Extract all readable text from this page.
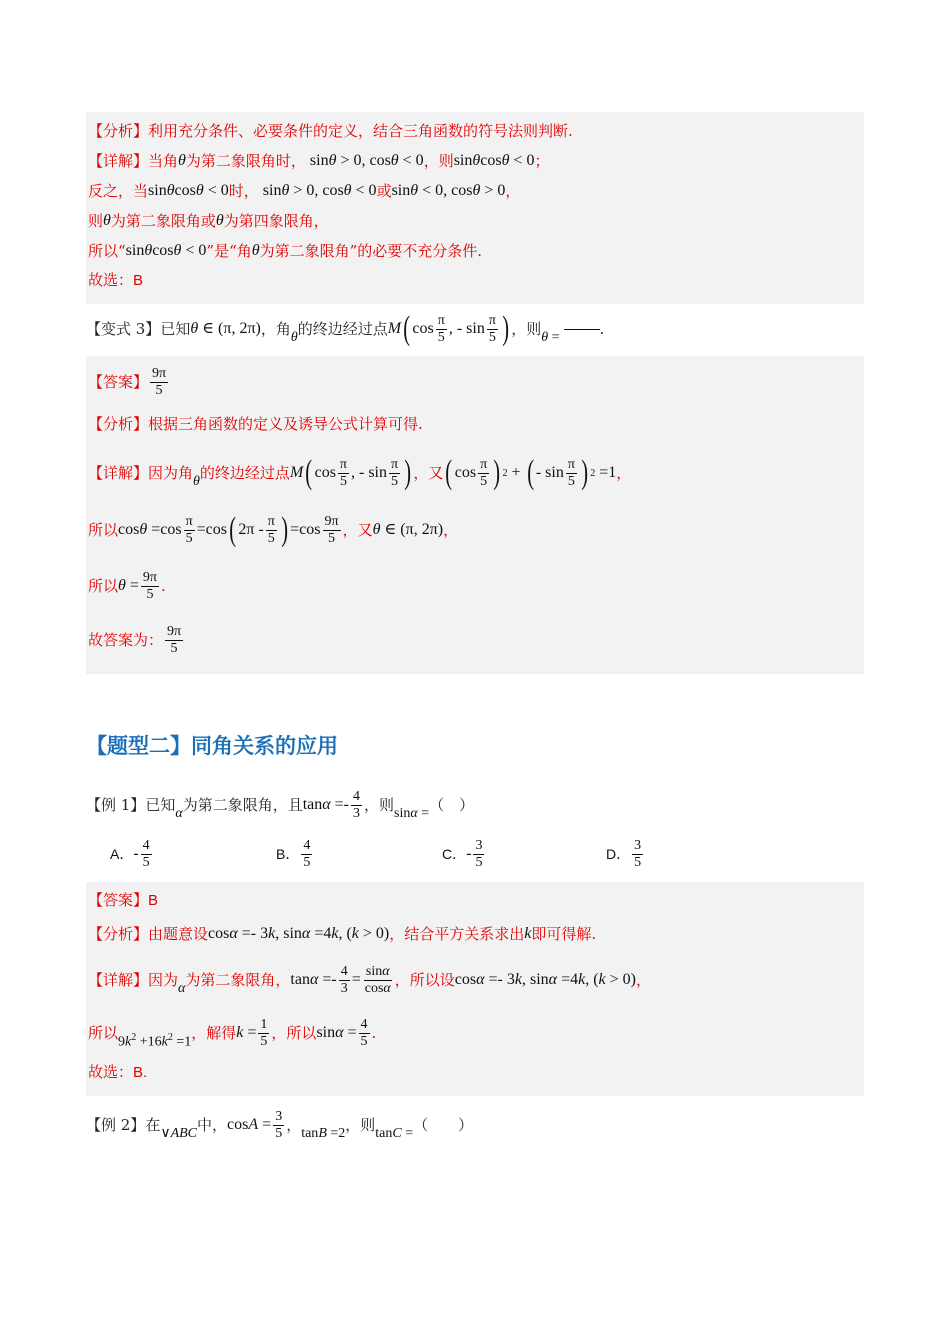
【分析】 利用充分条件、必要条件的定义，结合三角函数的符号法则判断.
【详解】 当角 θ 为第二象限角时， sinθ > 0, cosθ < 0 ，则 sinθcosθ < 0 ；
反之，当 sinθcosθ < 0 时， sinθ > 0, cosθ < 0 或 sinθ < 0, cosθ > 0 ，
则 θ 为第二象限角或 θ 为第四象限角，
所以“ sinθcosθ < 0 ”是“角 θ 为第二象限角”的必要不充分条件.
故选：B
【变式 3】 已知 θ ∈ (π, 2π) ，角 θ 的终边经过点 M ( $\cos \frac{\pi}{5}$ , - $\sin \frac{\pi}{5}$ ) ，则 θ =	.
【答案】 $\frac{9\pi}{5}$
【分析】 根据三角函数的定义及诱导公式计算可得.
【详解】 因为角 θ 的终边经过点 M ( $\cos \frac{\pi}{5}$ , - $\sin \frac{\pi}{5}$ ) ，又 ( $\cos \frac{\pi}{5}$ ) 2 + ( - $\sin \frac{\pi}{5}$ ) 2 =1 ，
所以 $\cos\theta =\cos \frac{\pi}{5} =\cos$ ( $2\pi - \frac{\pi}{5}$ ) $=\cos \frac{9\pi}{5}$ ，又 θ ∈ (π, 2π) ，
所以 $\theta = \frac{9\pi}{5}$ .
故答案为： $\frac{9\pi}{5}$
【题型二】同角关系的应用
【例 1】 已知 α 为第二象限角，且 $\tan\alpha =- \frac{4}{3}$ ，则 sinα = （　）
A． - $\frac{4}{5}$	B． $\frac{4}{5}$	C． - $\frac{3}{5}$	D． $\frac{3}{5}$
【答案】B
【分析】 由题意设 cosα =- 3k, sinα =4k, (k > 0) ，结合平方关系求出 k 即可得解.
【详解】 因为 α 为第二象限角， $\tan\alpha =- \frac{4}{3} = \frac{\sin\alpha}{\cos\alpha}$ ，所以设 cosα =- 3k, sinα =4k, (k > 0) ，
所以
$9k^2 +16k^2 =1$
，解得 $k = \frac{1}{5}$ ，所以 $\sin\alpha = \frac{4}{5}$ .
故选：B.
【例 2】 在 ∨ABC 中， $\cos A = \frac{3}{5}$ ， tanB =2 ，则 tanC = （　　）
